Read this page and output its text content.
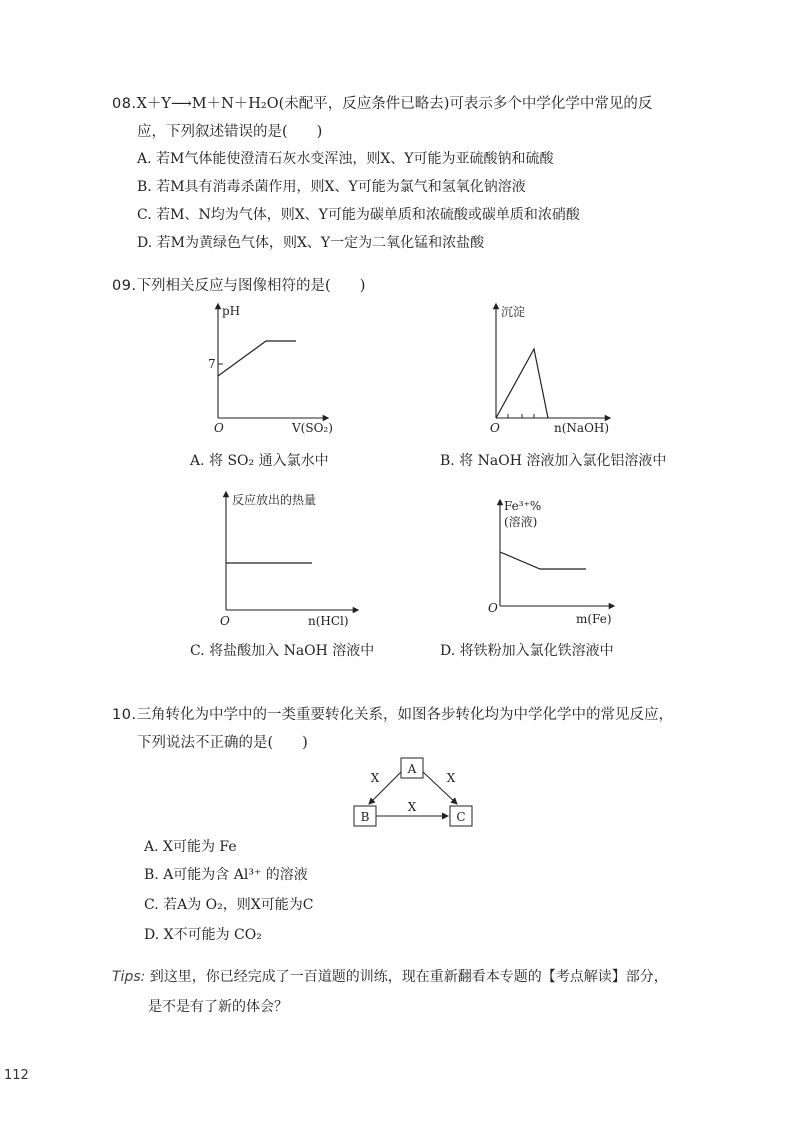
08.X＋Y⟶M＋N＋H₂O(未配平，反应条件已略去)可表示多个中学化学中常见的反
应，下列叙述错误的是(　　)
A. 若M气体能使澄清石灰水变浑浊，则X、Y可能为亚硫酸钠和硫酸
B. 若M具有消毒杀菌作用，则X、Y可能为氯气和氢氧化钠溶液
C. 若M、N均为气体，则X、Y可能为碳单质和浓硫酸或碳单质和浓硝酸
D. 若M为黄绿色气体，则X、Y一定为二氧化锰和浓盐酸
09.下列相关反应与图像相符的是(　　)
pH
7
O	V(SO₂)
A. 将 SO₂ 通入氯水中
沉淀
O	n(NaOH)
B. 将 NaOH 溶液加入氯化铝溶液中
反应放出的热量
O	n(HCl)
C. 将盐酸加入 NaOH 溶液中
Fe³⁺%
(溶液)
O
m(Fe)
D. 将铁粉加入氯化铁溶液中
10.三角转化为中学中的一类重要转化关系，如图各步转化均为中学化学中的常见反应，
下列说法不正确的是(　　)
A
B	C
X	X
X
A. X可能为 Fe
B. A可能为含 Al³⁺ 的溶液
C. 若A为 O₂，则X可能为C
D. X不可能为 CO₂
Tips: 到这里，你已经完成了一百道题的训练，现在重新翻看本专题的【考点解读】部分，
是不是有了新的体会？
112
